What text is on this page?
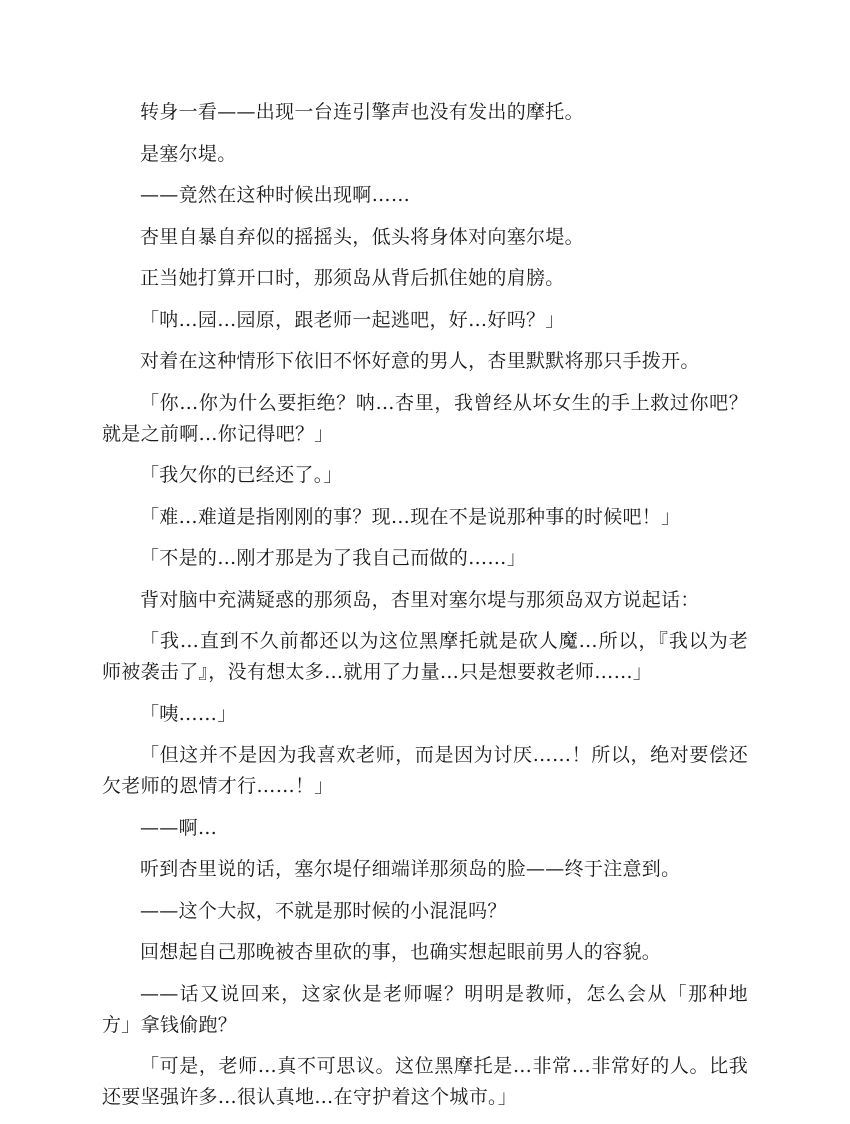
转身一看——出现一台连引擎声也没有发出的摩托。

是塞尔堤。

——竟然在这种时候出现啊……

杏里自暴自弃似的摇摇头，低头将身体对向塞尔堤。

正当她打算开口时，那须岛从背后抓住她的肩膀。

「呐…园…园原，跟老师一起逃吧，好…好吗？」

对着在这种情形下依旧不怀好意的男人，杏里默默将那只手拨开。

「你…你为什么要拒绝？呐…杏里，我曾经从坏女生的手上救过你吧？就是之前啊…你记得吧？」

「我欠你的已经还了。」

「难…难道是指刚刚的事？现…现在不是说那种事的时候吧！」

「不是的…刚才那是为了我自己而做的……」

背对脑中充满疑惑的那须岛，杏里对塞尔堤与那须岛双方说起话：

「我…直到不久前都还以为这位黑摩托就是砍人魔…所以，『我以为老师被袭击了』，没有想太多…就用了力量…只是想要救老师……」

「咦……」

「但这并不是因为我喜欢老师，而是因为讨厌……！所以，绝对要偿还欠老师的恩情才行……！」

——啊…

听到杏里说的话，塞尔堤仔细端详那须岛的脸——终于注意到。

——这个大叔，不就是那时候的小混混吗？

回想起自己那晚被杏里砍的事，也确实想起眼前男人的容貌。

——话又说回来，这家伙是老师喔？明明是教师，怎么会从「那种地方」拿钱偷跑？

「可是，老师…真不可思议。这位黑摩托是…非常…非常好的人。比我还要坚强许多…很认真地…在守护着这个城市。」
